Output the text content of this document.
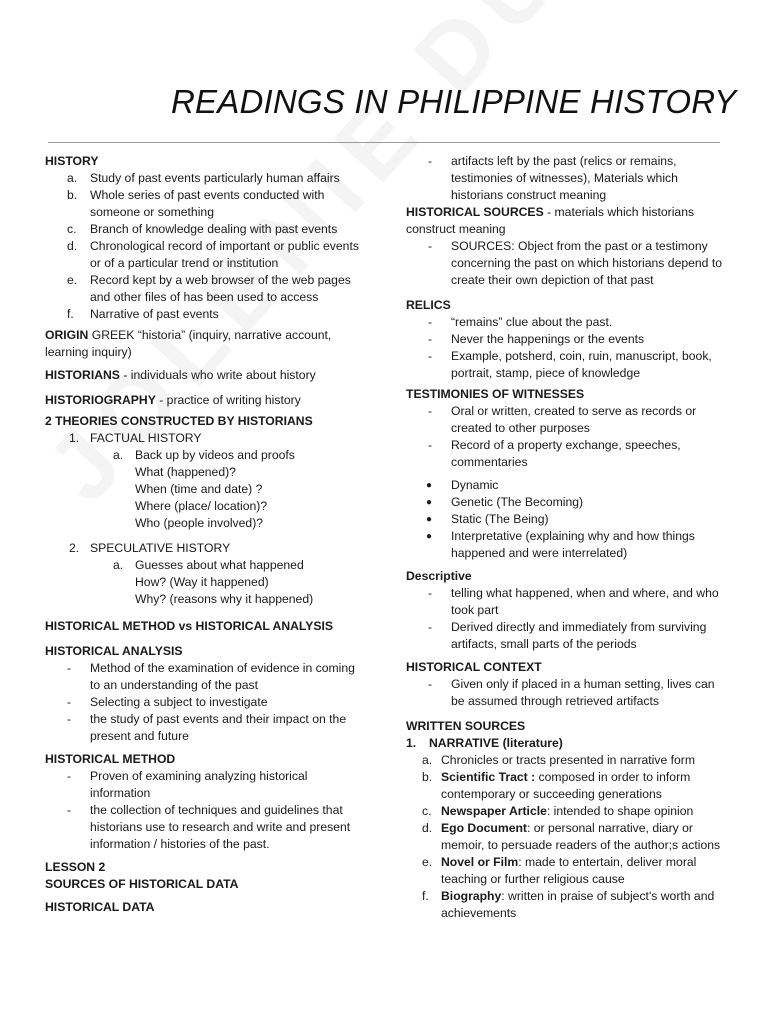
READINGS IN PHILIPPINE HISTORY
HISTORY
a. Study of past events particularly human affairs
b. Whole series of past events conducted with someone or something
c. Branch of knowledge dealing with past events
d. Chronological record of important or public events or of a particular trend or institution
e. Record kept by a web browser of the web pages and other files of has been used to access
f. Narrative of past events
ORIGIN GREEK “historia” (inquiry, narrative account, learning inquiry)
HISTORIANS - individuals who write about history
HISTORIOGRAPHY - practice of writing history
2 THEORIES CONSTRUCTED BY HISTORIANS
1. FACTUAL HISTORY
a. Back up by videos and proofs
What (happened)?
When (time and date) ?
Where (place/ location)?
Who (people involved)?
2. SPECULATIVE HISTORY
a. Guesses about what happened
How? (Way it happened)
Why? (reasons why it happened)
HISTORICAL METHOD vs HISTORICAL ANALYSIS
HISTORICAL ANALYSIS
- Method of the examination of evidence in coming to an understanding of the past
- Selecting a subject to investigate
- the study of past events and their impact on the present and future
HISTORICAL METHOD
- Proven of examining analyzing historical information
- the collection of techniques and guidelines that historians use to research and write and present information / histories of the past.
LESSON 2
SOURCES OF HISTORICAL DATA
HISTORICAL DATA
- artifacts left by the past (relics or remains, testimonies of witnesses), Materials which historians construct meaning
HISTORICAL SOURCES - materials which historians construct meaning
- SOURCES: Object from the past or a testimony concerning the past on which historians depend to create their own depiction of that past
RELICS
- “remains” clue about the past.
- Never the happenings or the events
- Example, potsherd, coin, ruin, manuscript, book, portrait, stamp, piece of knowledge
TESTIMONIES OF WITNESSES
- Oral or written, created to serve as records or created to other purposes
- Record of a property exchange, speeches, commentaries
● Dynamic
● Genetic (The Becoming)
● Static (The Being)
● Interpretative (explaining why and how things happened and were interrelated)
Descriptive
- telling what happened, when and where, and who took part
- Derived directly and immediately from surviving artifacts, small parts of the periods
HISTORICAL CONTEXT
- Given only if placed in a human setting, lives can be assumed through retrieved artifacts
WRITTEN SOURCES
1. NARRATIVE (literature)
a. Chronicles or tracts presented in narrative form
b. Scientific Tract : composed in order to inform contemporary or succeeding generations
c. Newspaper Article: intended to shape opinion
d. Ego Document: or personal narrative, diary or memoir, to persuade readers of the author;s actions
e. Novel or Film: made to entertain, deliver moral teaching or further religious cause
f. Biography: written in praise of subject's worth and achievements
